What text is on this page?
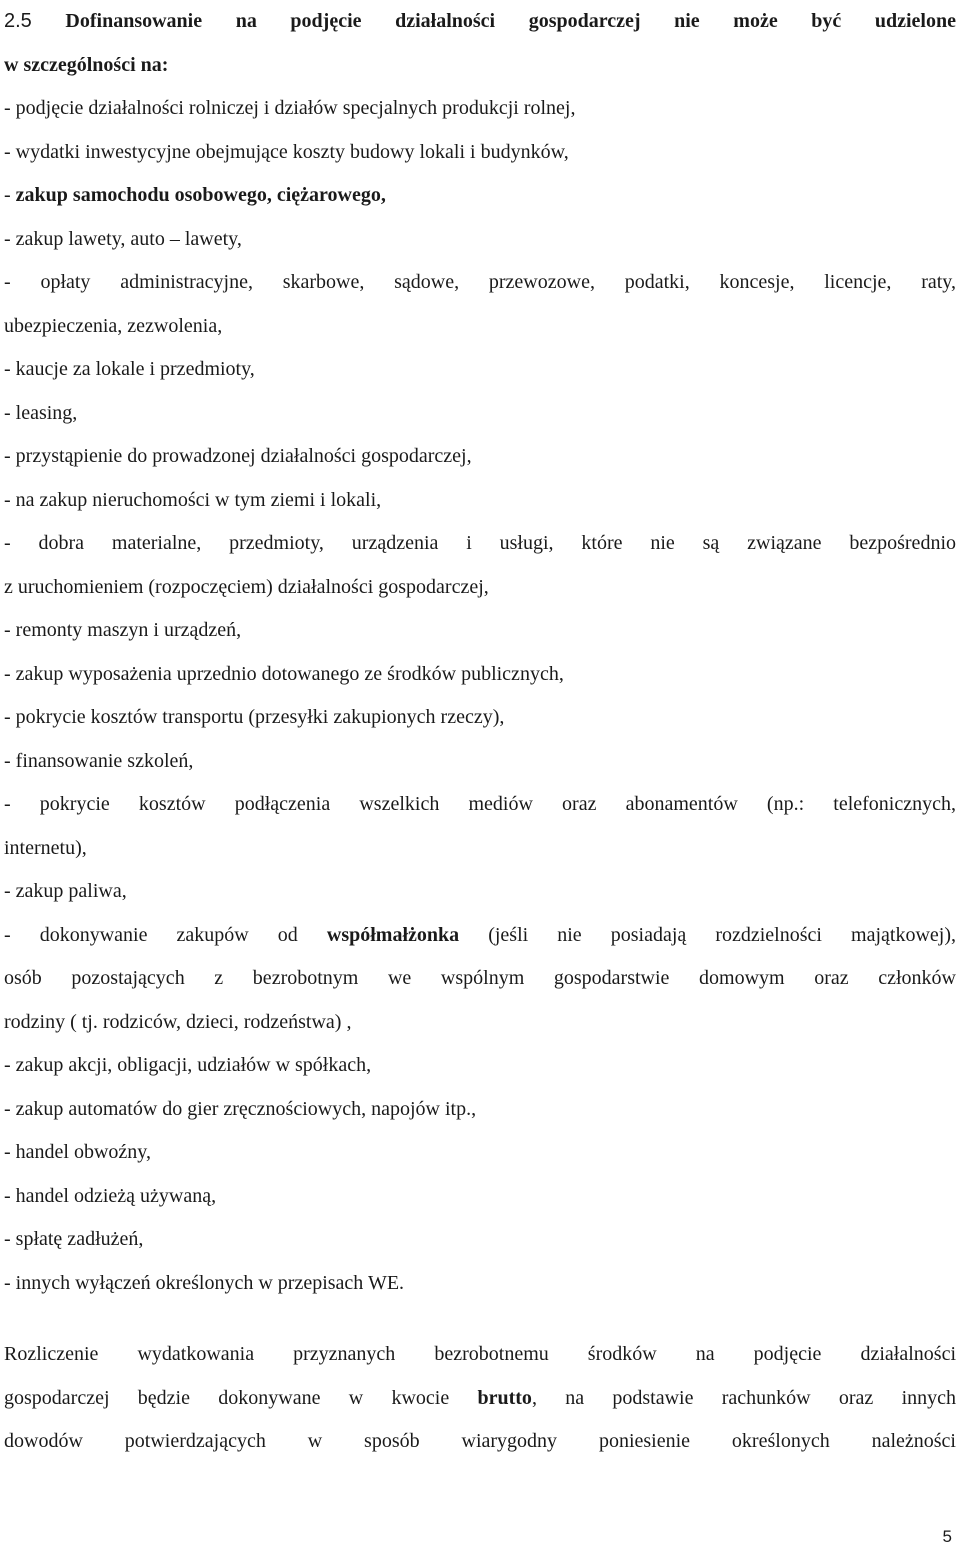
2.5 Dofinansowanie na podjęcie działalności gospodarczej nie może być udzielone
w szczególności na:
- podjęcie działalności rolniczej i działów specjalnych produkcji rolnej,
- wydatki inwestycyjne obejmujące koszty budowy lokali i budynków,
- zakup samochodu osobowego, ciężarowego,
- zakup lawety, auto – lawety,
- opłaty administracyjne, skarbowe, sądowe, przewozowe, podatki, koncesje, licencje, raty,
ubezpieczenia, zezwolenia,
- kaucje za lokale i przedmioty,
- leasing,
- przystąpienie do prowadzonej działalności gospodarczej,
- na zakup nieruchomości w tym ziemi i lokali,
- dobra materialne, przedmioty, urządzenia i usługi, które nie są związane bezpośrednio
z uruchomieniem (rozpoczęciem) działalności gospodarczej,
- remonty maszyn i urządzeń,
- zakup wyposażenia uprzednio dotowanego ze środków publicznych,
- pokrycie kosztów transportu (przesyłki zakupionych rzeczy),
- finansowanie szkoleń,
- pokrycie kosztów podłączenia wszelkich mediów oraz abonamentów (np.: telefonicznych,
internetu),
- zakup paliwa,
- dokonywanie zakupów od współmałżonka (jeśli nie posiadają rozdzielności majątkowej),
osób pozostających z bezrobotnym we wspólnym gospodarstwie domowym oraz członków
rodziny ( tj. rodziców, dzieci, rodzeństwa) ,
- zakup akcji, obligacji, udziałów w spółkach,
- zakup automatów do gier zręcznościowych, napojów itp.,
- handel obwoźny,
- handel odzieżą używaną,
- spłatę zadłużeń,
- innych wyłączeń określonych w przepisach WE.
Rozliczenie wydatkowania przyznanych bezrobotnemu środków na podjęcie działalności
gospodarczej będzie dokonywane w kwocie brutto, na podstawie rachunków oraz innych
dowodów potwierdzających w sposób wiarygodny poniesienie określonych należności
5
